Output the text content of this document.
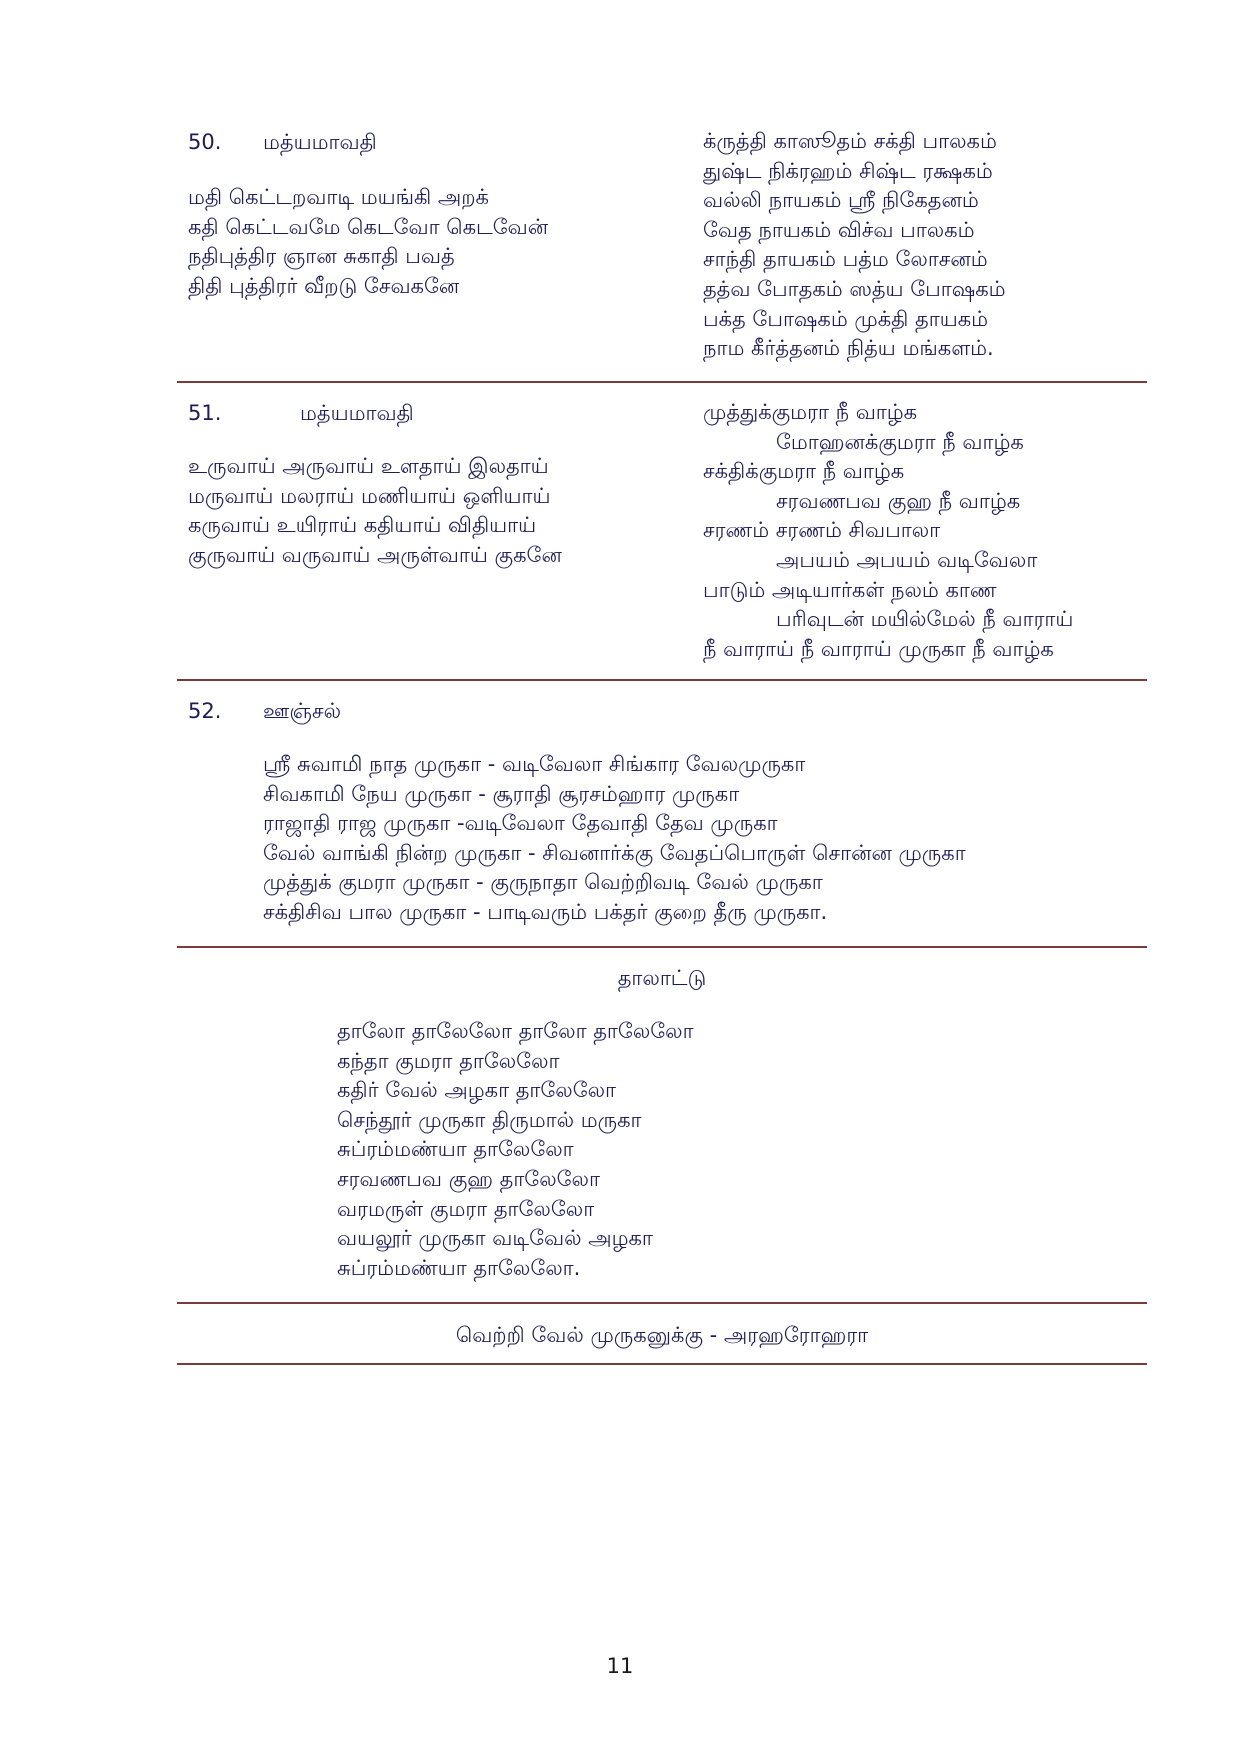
50. மத்யமாவதி
மதி கெட்டறவாடி மயங்கி அறக்
கதி கெட்டவமே கெடவோ கெடவேன்
நதிபுத்திர ஞான சுகாதி பவத்
திதி புத்திரர் வீறடு சேவகனே
க்ருத்தி காஸூதம் சக்தி பாலகம்
துஷ்ட நிக்ரஹம் சிஷ்ட ரக்ஷகம்
வல்லி நாயகம் ஸ்ரீ நிகேதனம்
வேத நாயகம் விச்வ பாலகம்
சாந்தி தாயகம் பத்ம லோசனம்
தத்வ போதகம் ஸத்ய போஷகம்
பக்த போஷகம் முக்தி தாயகம்
நாம கீர்த்தனம் நித்ய மங்களம்.
51.	மத்யமாவதி
உருவாய் அருவாய் உளதாய் இலதாய்
மருவாய் மலராய் மணியாய் ஒளியாய்
கருவாய் உயிராய் கதியாய் விதியாய்
குருவாய் வருவாய் அருள்வாய் குகனே
முத்துக்குமரா நீ வாழ்க
மோஹனக்குமரா நீ வாழ்க
சக்திக்குமரா நீ வாழ்க
சரவணபவ குஹ நீ வாழ்க
சரணம் சரணம் சிவபாலா
அபயம் அபயம் வடிவேலா
பாடும் அடியார்கள் நலம் காண
பரிவுடன் மயில்மேல் நீ வாராய்
நீ வாராய் நீ வாராய் முருகா நீ வாழ்க
52. ஊஞ்சல்
ஸ்ரீ சுவாமி நாத முருகா - வடிவேலா சிங்கார வேலமுருகா
சிவகாமி நேய முருகா - சூராதி சூரசம்ஹார முருகா
ராஜாதி ராஜ முருகா -வடிவேலா தேவாதி தேவ முருகா
வேல் வாங்கி நின்ற முருகா - சிவனார்க்கு வேதப்பொருள் சொன்ன முருகா
முத்துக் குமரா முருகா - குருநாதா வெற்றிவடி வேல் முருகா
சக்திசிவ பால முருகா - பாடிவரும் பக்தர் குறை தீரு முருகா.
தாலாட்டு
தாலோ தாலேலோ தாலோ தாலேலோ
கந்தா குமரா தாலேலோ
கதிர் வேல் அழகா தாலேலோ
செந்தூர் முருகா திருமால் மருகா
சுப்ரம்மண்யா தாலேலோ
சரவணபவ குஹ தாலேலோ
வரமருள் குமரா தாலேலோ
வயலூர் முருகா வடிவேல் அழகா
சுப்ரம்மண்யா தாலேலோ.
வெற்றி வேல் முருகனுக்கு - அரஹரோஹரா
11
